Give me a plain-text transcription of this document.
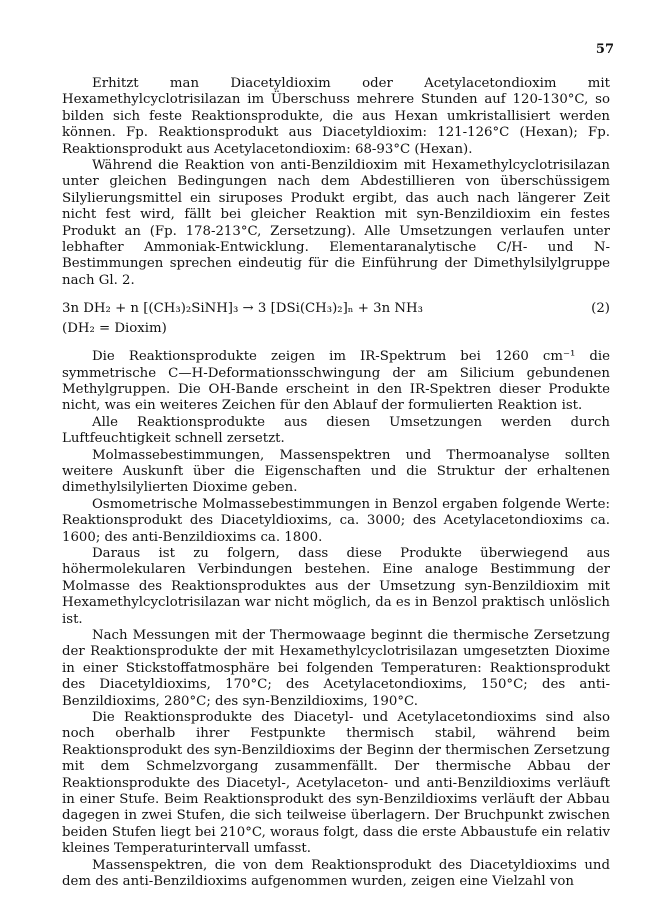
57

Erhitzt man Diacetyldioxim oder Acetylacetondioxim mit Hexamethylcyclotrisilazan im Überschuss mehrere Stunden auf 120-130°C, so bilden sich feste Reaktionsprodukte, die aus Hexan umkristallisiert werden können. Fp. Reaktionsprodukt aus Diacetyldioxim: 121-126°C (Hexan); Fp. Reaktionsprodukt aus Acetylacetondioxim: 68-93°C (Hexan).

Während die Reaktion von anti-Benzildioxim mit Hexamethylcyclotrisilazan unter gleichen Bedingungen nach dem Abdestillieren von überschüssigem Silylierungsmittel ein siruposes Produkt ergibt, das auch nach längerer Zeit nicht fest wird, fällt bei gleicher Reaktion mit syn-Benzildioxim ein festes Produkt an (Fp. 178-213°C, Zersetzung). Alle Umsetzungen verlaufen unter lebhafter Ammoniak-Entwicklung. Elementaranalytische C/H- und N-Bestimmungen sprechen eindeutig für die Einführung der Dimethylsilylgruppe nach Gl. 2.

3n DH₂ + n [(CH₃)₂SiNH]₃ → 3 [DSi(CH₃)₂]ₙ + 3n NH₃	(2)

(DH₂ = Dioxim)

Die Reaktionsprodukte zeigen im IR-Spektrum bei 1260 cm⁻¹ die symmetrische C—H-Deformationsschwingung der am Silicium gebundenen Methylgruppen. Die OH-Bande erscheint in den IR-Spektren dieser Produkte nicht, was ein weiteres Zeichen für den Ablauf der formulierten Reaktion ist.

Alle Reaktionsprodukte aus diesen Umsetzungen werden durch Luftfeuchtigkeit schnell zersetzt.

Molmassebestimmungen, Massenspektren und Thermoanalyse sollten weitere Auskunft über die Eigenschaften und die Struktur der erhaltenen dimethylsilylierten Dioxime geben.

Osmometrische Molmassebestimmungen in Benzol ergaben folgende Werte: Reaktionsprodukt des Diacetyldioxims, ca. 3000; des Acetylacetondioxims ca. 1600; des anti-Benzildioxims ca. 1800.

Daraus ist zu folgern, dass diese Produkte überwiegend aus höhermolekularen Verbindungen bestehen. Eine analoge Bestimmung der Molmasse des Reaktionsproduktes aus der Umsetzung syn-Benzildioxim mit Hexamethylcyclotrisilazan war nicht möglich, da es in Benzol praktisch unlöslich ist.

Nach Messungen mit der Thermowaage beginnt die thermische Zersetzung der Reaktionsprodukte der mit Hexamethylcyclotrisilazan umgesetzten Dioxime in einer Stickstoffatmosphäre bei folgenden Temperaturen: Reaktionsprodukt des Diacetyldioxims, 170°C; des Acetylacetondioxims, 150°C; des anti-Benzildioxims, 280°C; des syn-Benzildioxims, 190°C.

Die Reaktionsprodukte des Diacetyl- und Acetylacetondioxims sind also noch oberhalb ihrer Festpunkte thermisch stabil, während beim Reaktionsprodukt des syn-Benzildioxims der Beginn der thermischen Zersetzung mit dem Schmelzvorgang zusammenfällt. Der thermische Abbau der Reaktionsprodukte des Diacetyl-, Acetylaceton- und anti-Benzildioxims verläuft in einer Stufe. Beim Reaktionsprodukt des syn-Benzildioxims verläuft der Abbau dagegen in zwei Stufen, die sich teilweise überlagern. Der Bruchpunkt zwischen beiden Stufen liegt bei 210°C, woraus folgt, dass die erste Abbaustufe ein relativ kleines Temperaturintervall umfasst.

Massenspektren, die von dem Reaktionsprodukt des Diacetyldioxims und dem des anti-Benzildioxims aufgenommen wurden, zeigen eine Vielzahl von
